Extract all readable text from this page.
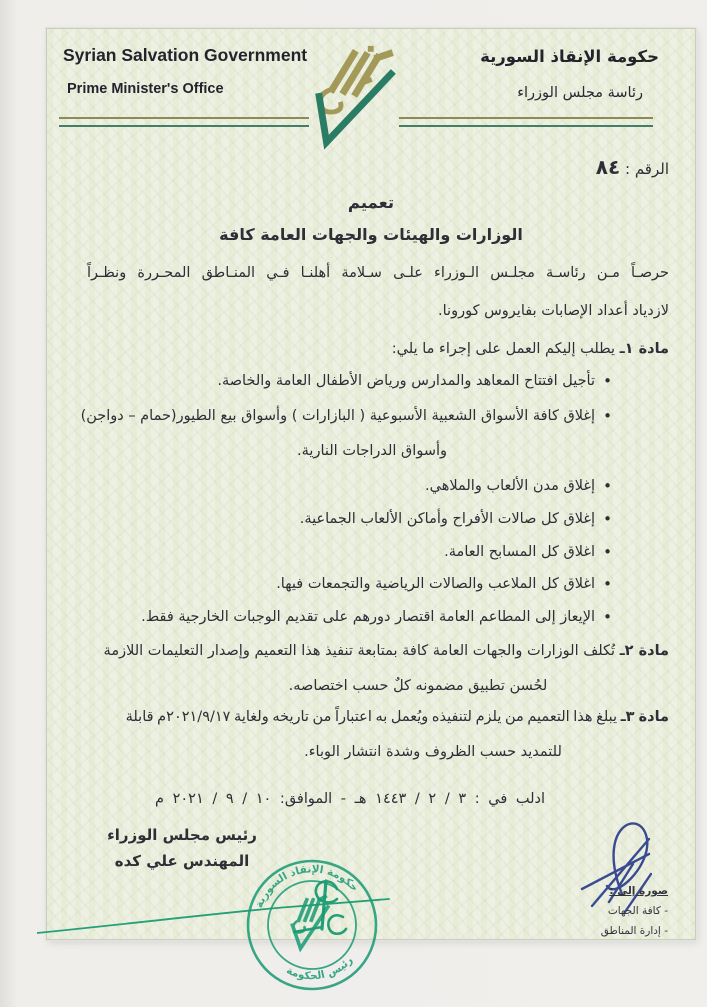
Syrian Salvation Government
Prime Minister's Office
حكومة الإنقاذ السورية
رئاسة مجلس الوزراء
الرقم : ٨٤
تعميم
الوزارات والهيئات والجهات العامة كافة
حرصـاً مـن رئاسـة مجلـس الـوزراء علـى سـلامة أهلنـا فـي المنـاطق المحـررة ونظـراً
لازدياد أعداد الإصابات بفايروس كورونا.
مادة ١ـ يطلب إليكم العمل على إجراء ما يلي:
• تأجيل افتتاح المعاهد والمدارس ورياض الأطفال العامة والخاصة.
• إغلاق كافة الأسواق الشعبية الأسبوعية ( البازارات ) وأسواق بيع الطيور(حمام – دواجن)
وأسواق الدراجات النارية.
• إغلاق مدن الألعاب والملاهي.
• إغلاق كل صالات الأفراح وأماكن الألعاب الجماعية.
• اغلاق كل المسابح العامة.
• اغلاق كل الملاعب والصالات الرياضية والتجمعات فيها.
• الإيعاز إلى المطاعم العامة اقتصار دورهم على تقديم الوجبات الخارجية فقط.
مادة ٢ـ تُكلف الوزارات والجهات العامة كافة بمتابعة تنفيذ هذا التعميم وإصدار التعليمات اللازمة
لحُسن تطبيق مضمونه كلٌ حسب اختصاصه.
مادة ٣ـ يبلغ هذا التعميم من يلزم لتنفيذه ويُعمل به اعتباراً من تاريخه ولغاية ٢٠٢١/٩/١٧م قابلة
للتمديد حسب الظروف وشدة انتشار الوباء.
ادلب في : ٣ / ٢ / ١٤٤٣ هـ - الموافق: ١٠ / ٩ / ٢٠٢١ م
رئيس مجلس الوزراء
المهندس علي كده
حكومة الإنقاذ السورية
رئيس الحكومة
صورة إلى :
- كافة الجهات
- إدارة المناطق
